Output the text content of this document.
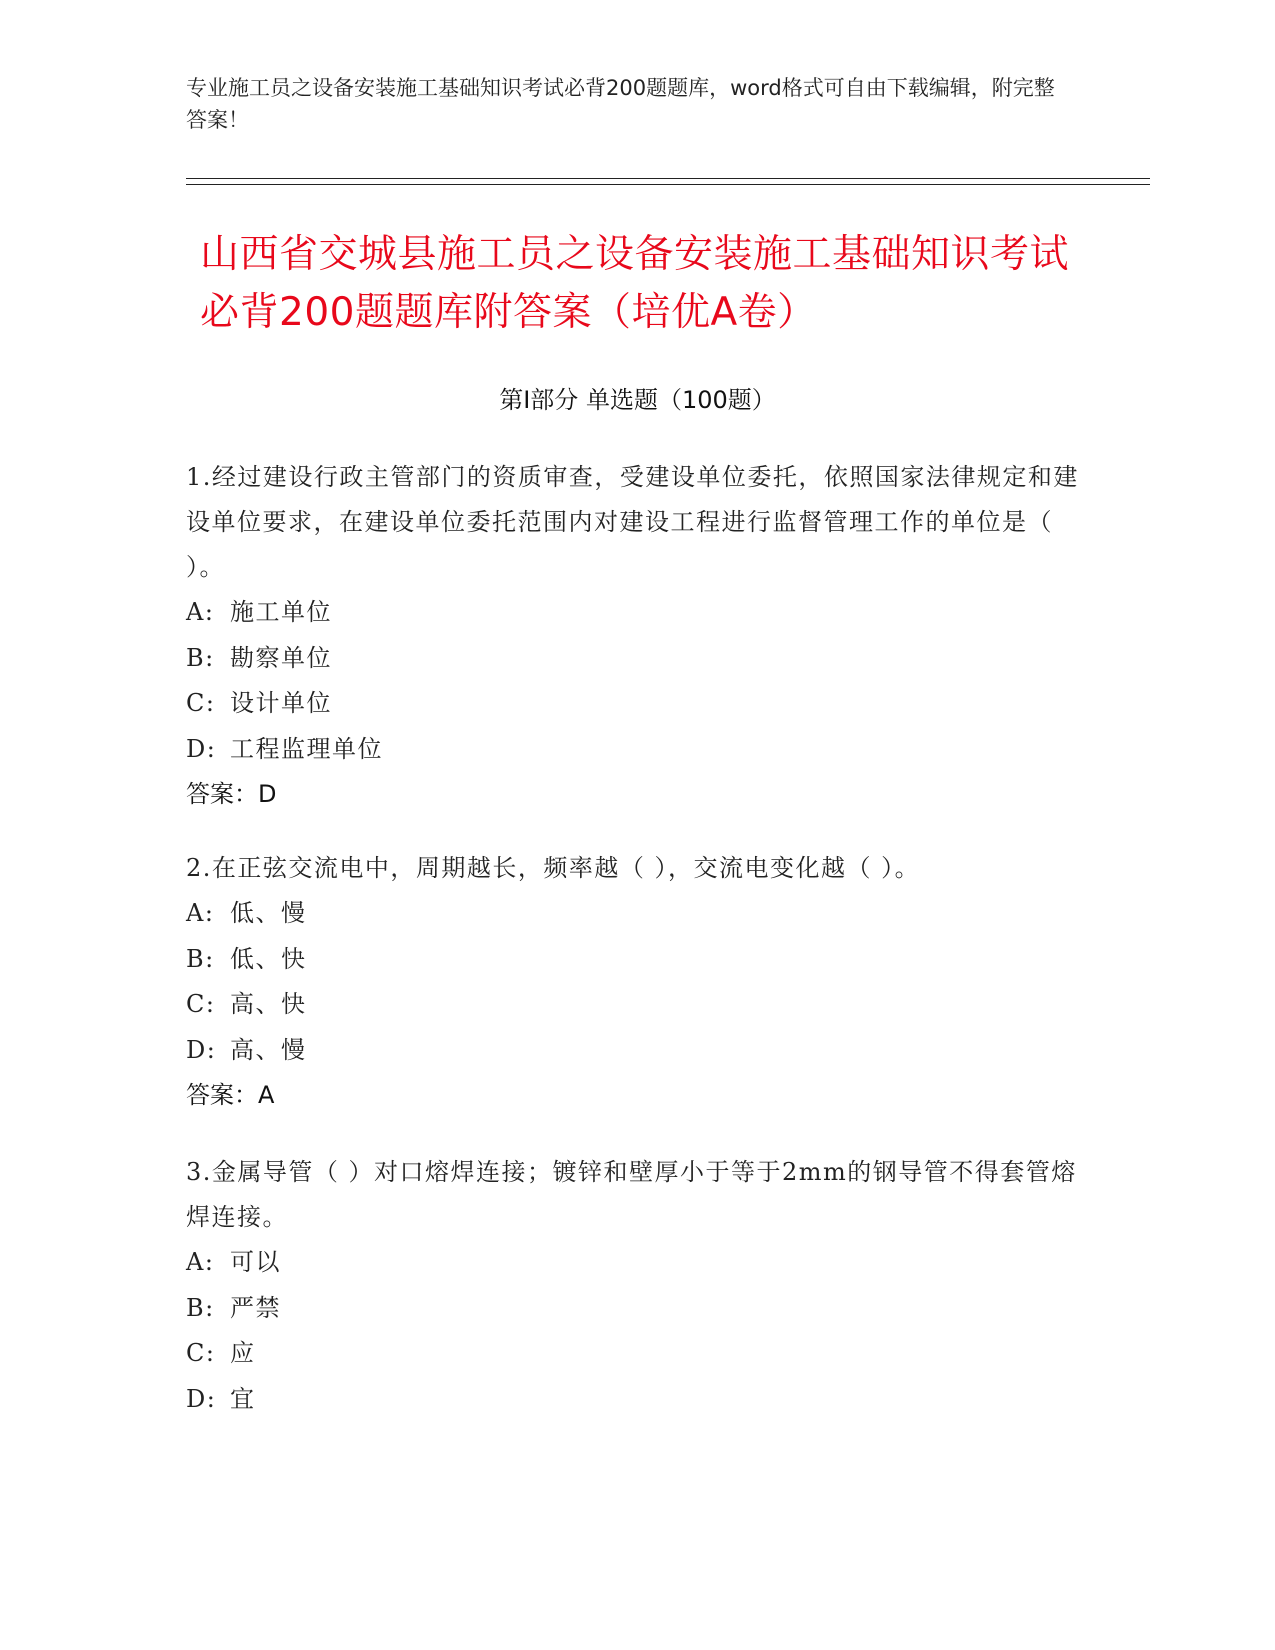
专业施工员之设备安装施工基础知识考试必背200题题库，word格式可自由下载编辑，附完整答案！
山西省交城县施工员之设备安装施工基础知识考试必背200题题库附答案（培优A卷）
第I部分 单选题（100题）
1.经过建设行政主管部门的资质审查，受建设单位委托，依照国家法律规定和建设单位要求，在建设单位委托范围内对建设工程进行监督管理工作的单位是（ ）。
A: 施工单位
B: 勘察单位
C: 设计单位
D: 工程监理单位
答案：D
2.在正弦交流电中，周期越长，频率越（ ），交流电变化越（ ）。
A: 低、慢
B: 低、快
C: 高、快
D: 高、慢
答案：A
3.金属导管（ ）对口熔焊连接；镀锌和壁厚小于等于2mm的钢导管不得套管熔焊连接。
A: 可以
B: 严禁
C: 应
D: 宜
